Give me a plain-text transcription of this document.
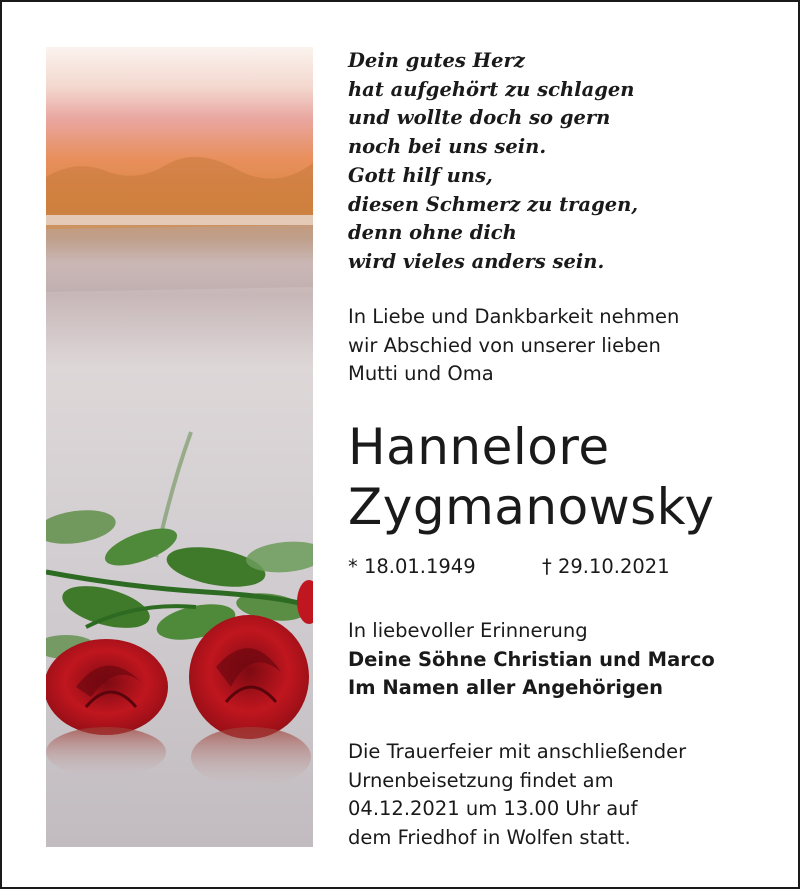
Dein gutes Herz
hat aufgehört zu schlagen
und wollte doch so gern
noch bei uns sein.
Gott hilf uns,
diesen Schmerz zu tragen,
denn ohne dich
wird vieles anders sein.
In Liebe und Dankbarkeit nehmen
wir Abschied von unserer lieben
Mutti und Oma
Hannelore
Zygmanowsky
* 18.01.1949	† 29.10.2021
In liebevoller Erinnerung
Deine Söhne Christian und Marco
Im Namen aller Angehörigen
Die Trauerfeier mit anschließender
Urnenbeisetzung findet am
04.12.2021 um 13.00 Uhr auf
dem Friedhof in Wolfen statt.
